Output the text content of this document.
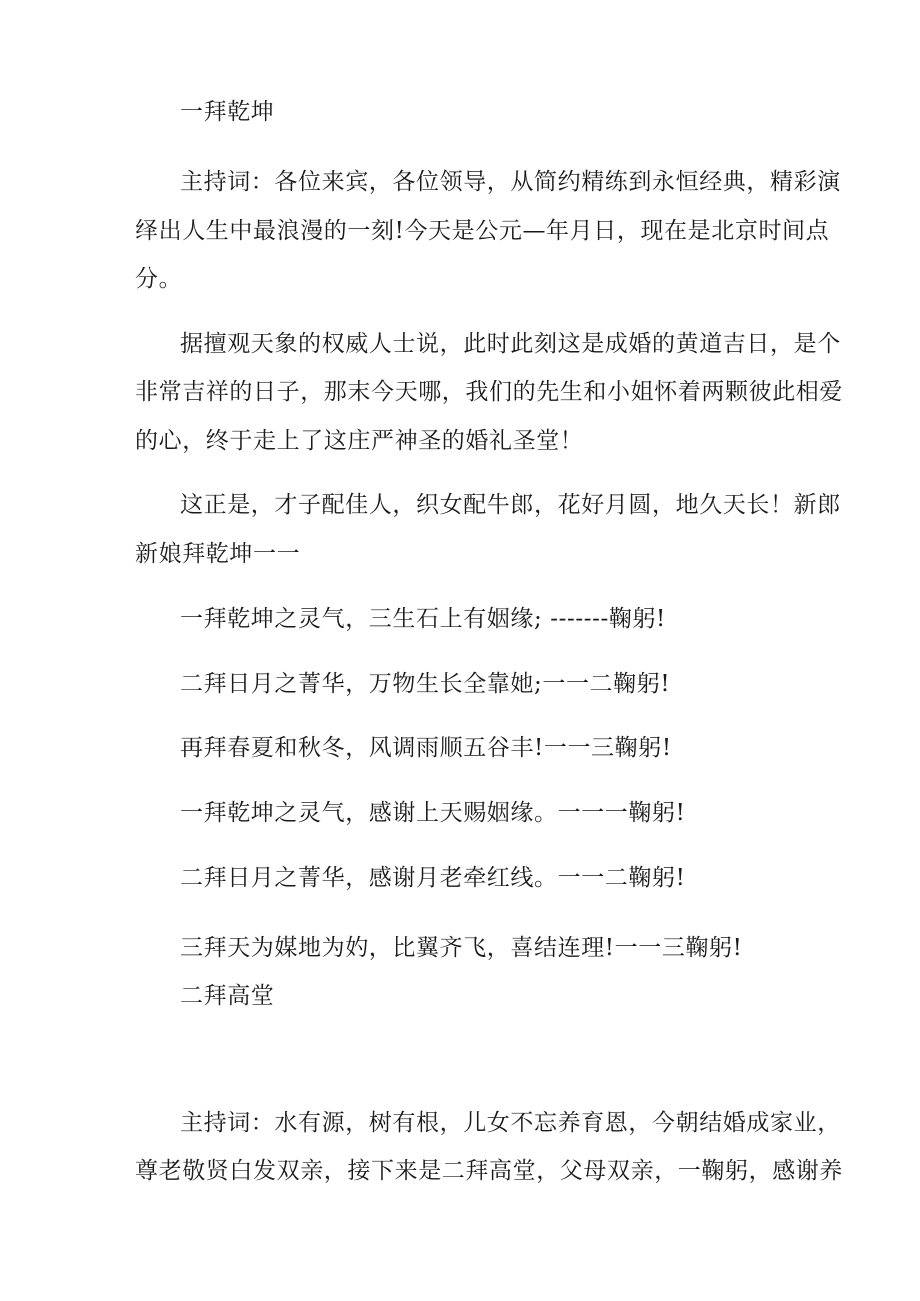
一拜乾坤
主持词：各位来宾，各位领导，从简约精练到永恒经典，精彩演
绎出人生中最浪漫的一刻!今天是公元—年月日，现在是北京时间点
分。
据擅观天象的权威人士说，此时此刻这是成婚的黄道吉日，是个
非常吉祥的日子，那末今天哪，我们的先生和小姐怀着两颗彼此相爱
的心，终于走上了这庄严神圣的婚礼圣堂！
这正是，才子配佳人，织女配牛郎，花好月圆，地久天长！新郎
新娘拜乾坤一一
一拜乾坤之灵气，三生石上有姻缘; -------鞠躬!
二拜日月之菁华，万物生长全靠她;一一二鞠躬!
再拜春夏和秋冬，风调雨顺五谷丰!一一三鞠躬!
一拜乾坤之灵气，感谢上天赐姻缘。一一一鞠躬!
二拜日月之菁华，感谢月老牵红线。一一二鞠躬!
三拜天为媒地为妁，比翼齐飞，喜结连理!一一三鞠躬!
二拜高堂
主持词：水有源，树有根，儿女不忘养育恩，今朝结婚成家业，
尊老敬贤白发双亲，接下来是二拜高堂，父母双亲，一鞠躬，感谢养
